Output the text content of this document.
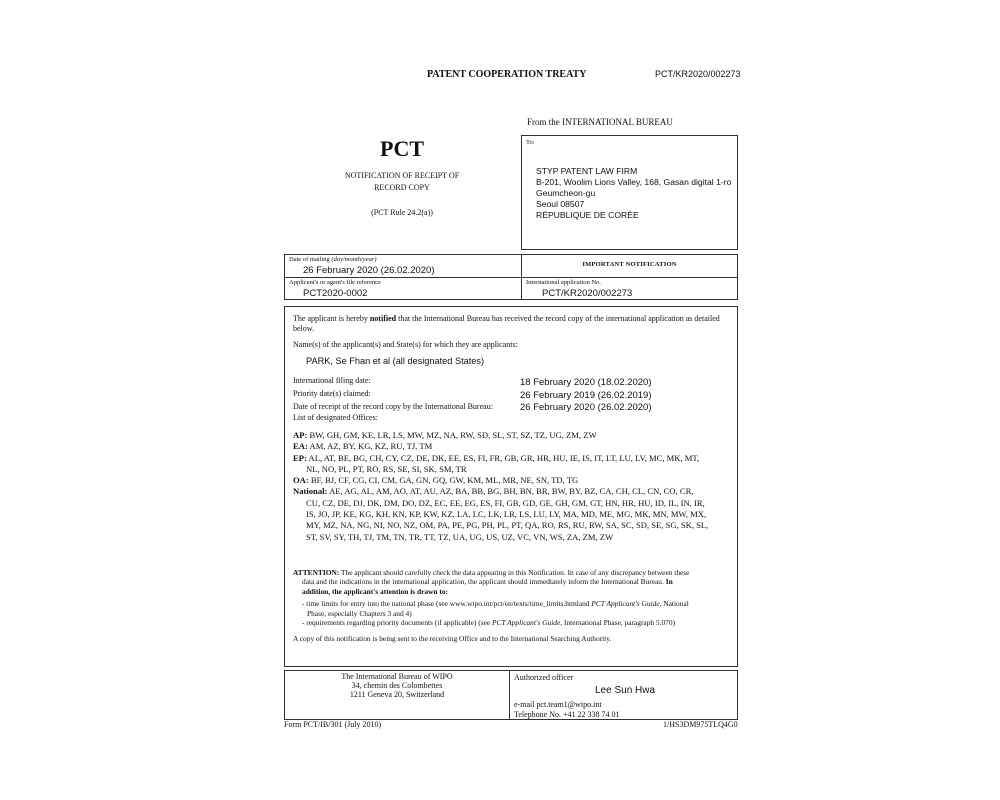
PATENT COOPERATION TREATY	PCT/KR2020/002273
From the INTERNATIONAL BUREAU
PCT
NOTIFICATION OF RECEIPT OF
RECORD COPY
(PCT Rule 24.2(a))
To:
STYP PATENT LAW FIRM
B-201, Woolim Lions Valley, 168, Gasan digital 1-ro
Geumcheon-gu
Seoul 08507
RÉPUBLIQUE DE CORÉE
Date of mailing (day/month/year)
26 February 2020 (26.02.2020)
IMPORTANT NOTIFICATION
Applicant's or agent's file reference
PCT2020-0002
International application No.
PCT/KR2020/002273
The applicant is hereby notified that the International Bureau has received the record copy of the international application as detailed
below.
Name(s) of the applicant(s) and State(s) for which they are applicants:
PARK, Se Fhan et al (all designated States)
International filing date:	18 February 2020 (18.02.2020)
Priority date(s) claimed:	26 February 2019 (26.02.2019)
Date of receipt of the record copy by the International Bureau:	26 February 2020 (26.02.2020)
List of designated Offices:
AP: BW, GH, GM, KE, LR, LS, MW, MZ, NA, RW, SD, SL, ST, SZ, TZ, UG, ZM, ZW
EA: AM, AZ, BY, KG, KZ, RU, TJ, TM
EP: AL, AT, BE, BG, CH, CY, CZ, DE, DK, EE, ES, FI, FR, GB, GR, HR, HU, IE, IS, IT, LT, LU, LV, MC, MK, MT,
NL, NO, PL, PT, RO, RS, SE, SI, SK, SM, TR
OA: BF, BJ, CF, CG, CI, CM, GA, GN, GQ, GW, KM, ML, MR, NE, SN, TD, TG
National: AE, AG, AL, AM, AO, AT, AU, AZ, BA, BB, BG, BH, BN, BR, BW, BY, BZ, CA, CH, CL, CN, CO, CR,
CU, CZ, DE, DJ, DK, DM, DO, DZ, EC, EE, EG, ES, FI, GB, GD, GE, GH, GM, GT, HN, HR, HU, ID, IL, IN, IR,
IS, JO, JP, KE, KG, KH, KN, KP, KW, KZ, LA, LC, LK, LR, LS, LU, LY, MA, MD, ME, MG, MK, MN, MW, MX,
MY, MZ, NA, NG, NI, NO, NZ, OM, PA, PE, PG, PH, PL, PT, QA, RO, RS, RU, RW, SA, SC, SD, SE, SG, SK, SL,
ST, SV, SY, TH, TJ, TM, TN, TR, TT, TZ, UA, UG, US, UZ, VC, VN, WS, ZA, ZM, ZW
ATTENTION: The applicant should carefully check the data appearing in this Notification. In case of any discrepancy between these
data and the indications in the international application, the applicant should immediately inform the International Bureau. In
addition, the applicant's attention is drawn to:
- time limits for entry into the national phase (see www.wipo.int/pct/en/texts/time_limits.htmland PCT Applicant's Guide, National
Phase, especially Chapters 3 and 4)
- requirements regarding priority documents (if applicable) (see PCT Applicant's Guide, International Phase, paragraph 5.070)
A copy of this notification is being sent to the receiving Office and to the International Searching Authority.
The International Bureau of WIPO
34, chemin des Colombettes
1211 Geneva 20, Switzerland
Authorized officer
Lee Sun Hwa
e-mail pct.team1@wipo.int
Telephone No. +41 22 338 74 01
Form PCT/IB/301 (July 2010)	1/HS3DM975TLQ4G0
